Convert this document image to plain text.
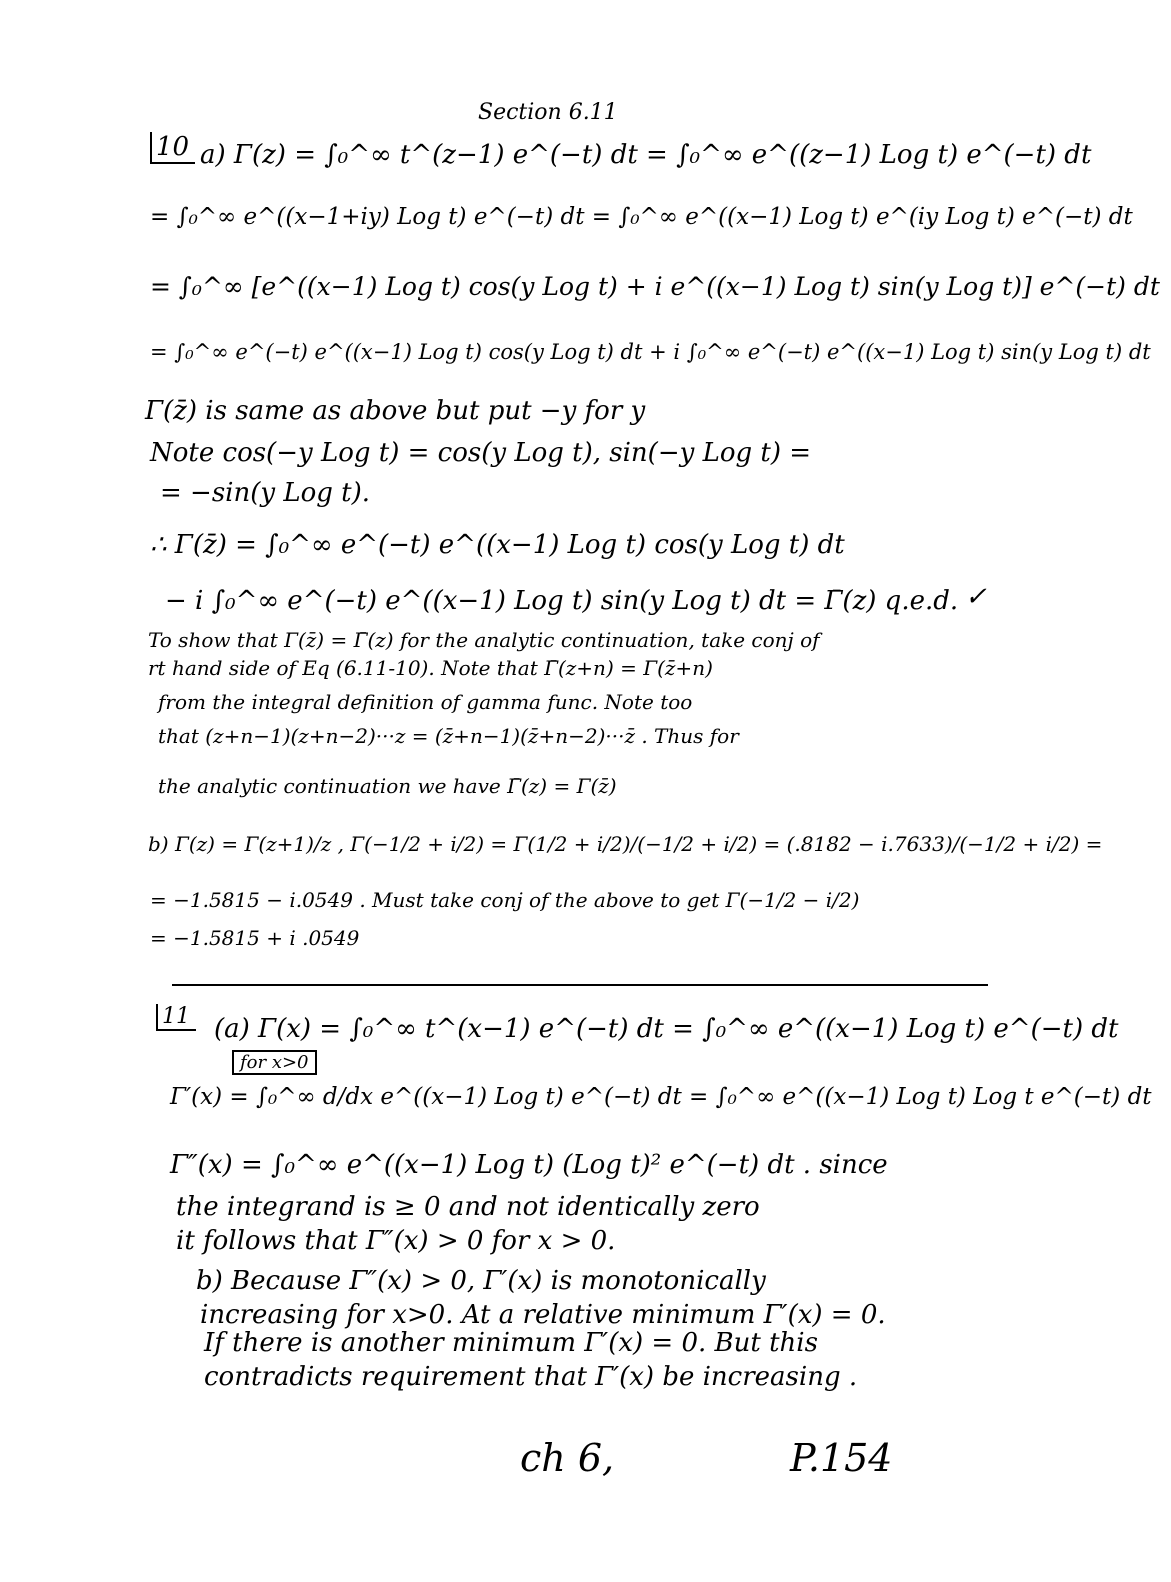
Section 6.11
10 a) Γ(z) = ∫₀^∞ t^(z−1) e^(−t) dt = ∫₀^∞ e^((z−1) Log t) e^(−t) dt
= ∫₀^∞ e^((x−1+iy) Log t) e^(−t) dt = ∫₀^∞ e^((x−1) Log t) e^(iy Log t) e^(−t) dt
= ∫₀^∞ [e^((x−1) Log t) cos(y Log t) + i e^((x−1) Log t) sin(y Log t)] e^(−t) dt
= ∫₀^∞ e^(−t) e^((x−1) Log t) cos(y Log t) dt + i ∫₀^∞ e^(−t) e^((x−1) Log t) sin(y Log t) dt
Γ(z̄) is same as above but put −y for y
Note cos(−y Log t) = cos(y Log t), sin(−y Log t) =
= −sin(y Log t).
∴ Γ(z̄) = ∫₀^∞ e^(−t) e^((x−1) Log t) cos(y Log t) dt
− i ∫₀^∞ e^(−t) e^((x−1) Log t) sin(y Log t) dt = Γ̄(z) q.e.d. ✓
To show that Γ(z̄) = Γ̄(z) for the analytic continuation, take conj of
rt hand side of Eq (6.11-10). Note that Γ̄(z+n) = Γ(z̄+n)
from the integral definition of gamma func. Note too
that (z+n−1)(z+n−2)···z = (z̄+n−1)(z̄+n−2)···z̄ . Thus for
the analytic continuation we have Γ̄(z) = Γ(z̄)
b) Γ(z) = Γ(z+1)/z , Γ(−1/2 + i/2) = Γ(1/2 + i/2)/(−1/2 + i/2) = (.8182 − i.7633)/(−1/2 + i/2) =
= −1.5815 − i.0549 . Must take conj of the above to get Γ(−1/2 − i/2)
= −1.5815 + i .0549
11 (a) Γ(x) = ∫₀^∞ t^(x−1) e^(−t) dt = ∫₀^∞ e^((x−1) Log t) e^(−t) dt
for x>0
Γ′(x) = ∫₀^∞ d/dx e^((x−1) Log t) e^(−t) dt = ∫₀^∞ e^((x−1) Log t) Log t e^(−t) dt
Γ″(x) = ∫₀^∞ e^((x−1) Log t) (Log t)² e^(−t) dt . since
the integrand is ≥ 0 and not identically zero
it follows that Γ″(x) > 0 for x > 0.
b) Because Γ″(x) > 0, Γ′(x) is monotonically
increasing for x>0. At a relative minimum Γ′(x) = 0.
If there is another minimum Γ′(x) = 0. But this
contradicts requirement that Γ′(x) be increasing .
ch 6,	P.154
